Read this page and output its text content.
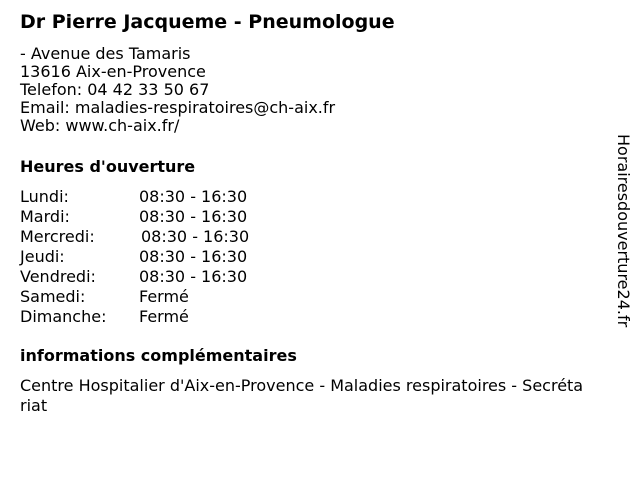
Dr Pierre Jacqueme - Pneumologue
- Avenue des Tamaris
13616 Aix-en-Provence
Telefon: 04 42 33 50 67
Email: maladies-respiratoires@ch-aix.fr
Web: www.ch-aix.fr/
Heures d'ouverture
Lundi:	08:30 - 16:30
Mardi:	08:30 - 16:30
Mercredi:	08:30 - 16:30
Jeudi:	08:30 - 16:30
Vendredi:	08:30 - 16:30
Samedi:	Fermé
Dimanche:	Fermé
informations complémentaires
Centre Hospitalier d'Aix-en-Provence - Maladies respiratoires - Secrétariat
Horairesdouverture24.fr
